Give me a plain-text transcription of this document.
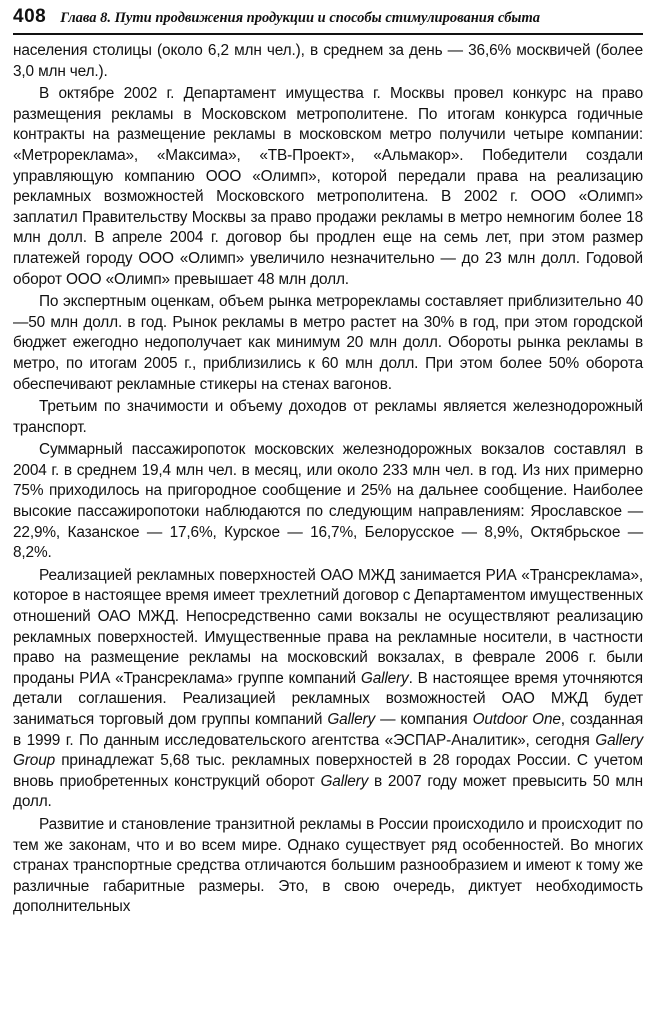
408 Глава 8. Пути продвижения продукции и способы стимулирования сбыта

населения столицы (около 6,2 млн чел.), в среднем за день — 36,6% москвичей (более 3,0 млн чел.).

В октябре 2002 г. Департамент имущества г. Москвы провел конкурс на право размещения рекламы в Московском метрополитене. По итогам конкурса годичные контракты на размещение рекламы в московском метро получили четыре компании: «Метрореклама», «Максима», «ТВ-Проект», «Альмакор». Победители создали управляющую компанию ООО «Олимп», которой передали права на реализацию рекламных возможностей Московского метрополитена. В 2002 г. ООО «Олимп» заплатил Правительству Москвы за право продажи рекламы в метро немногим более 18 млн долл. В апреле 2004 г. договор бы продлен еще на семь лет, при этом размер платежей городу ООО «Олимп» увеличило незначительно — до 23 млн долл. Годовой оборот ООО «Олимп» превышает 48 млн долл.

По экспертным оценкам, объем рынка метрорекламы составляет приблизительно 40—50 млн долл. в год. Рынок рекламы в метро растет на 30% в год, при этом городской бюджет ежегодно недополучает как минимум 20 млн долл. Обороты рынка рекламы в метро, по итогам 2005 г., приблизились к 60 млн долл. При этом более 50% оборота обеспечивают рекламные стикеры на стенах вагонов.

Третьим по значимости и объему доходов от рекламы является железнодорожный транспорт.

Суммарный пассажиропоток московских железнодорожных вокзалов составлял в 2004 г. в среднем 19,4 млн чел. в месяц, или около 233 млн чел. в год. Из них примерно 75% приходилось на пригородное сообщение и 25% на дальнее сообщение. Наиболее высокие пассажиропотоки наблюдаются по следующим направлениям: Ярославское — 22,9%, Казанское — 17,6%, Курское — 16,7%, Белорусское — 8,9%, Октябрьское — 8,2%.

Реализацией рекламных поверхностей ОАО МЖД занимается РИА «Трансреклама», которое в настоящее время имеет трехлетний договор с Департаментом имущественных отношений ОАО МЖД. Непосредственно сами вокзалы не осуществляют реализацию рекламных поверхностей. Имущественные права на рекламные носители, в частности право на размещение рекламы на московский вокзалах, в феврале 2006 г. были проданы РИА «Трансреклама» группе компаний Gallery. В настоящее время уточняются детали соглашения. Реализацией рекламных возможностей ОАО МЖД будет заниматься торговый дом группы компаний Gallery — компания Outdoor One, созданная в 1999 г. По данным исследовательского агентства «ЭСПАР-Аналитик», сегодня Gallery Group принадлежат 5,68 тыс. рекламных поверхностей в 28 городах России. С учетом вновь приобретенных конструкций оборот Gallery в 2007 году может превысить 50 млн долл.

Развитие и становление транзитной рекламы в России происходило и происходит по тем же законам, что и во всем мире. Однако существует ряд особенностей. Во многих странах транспортные средства отличаются большим разнообразием и имеют к тому же различные габаритные размеры. Это, в свою очередь, диктует необходимость дополнительных
